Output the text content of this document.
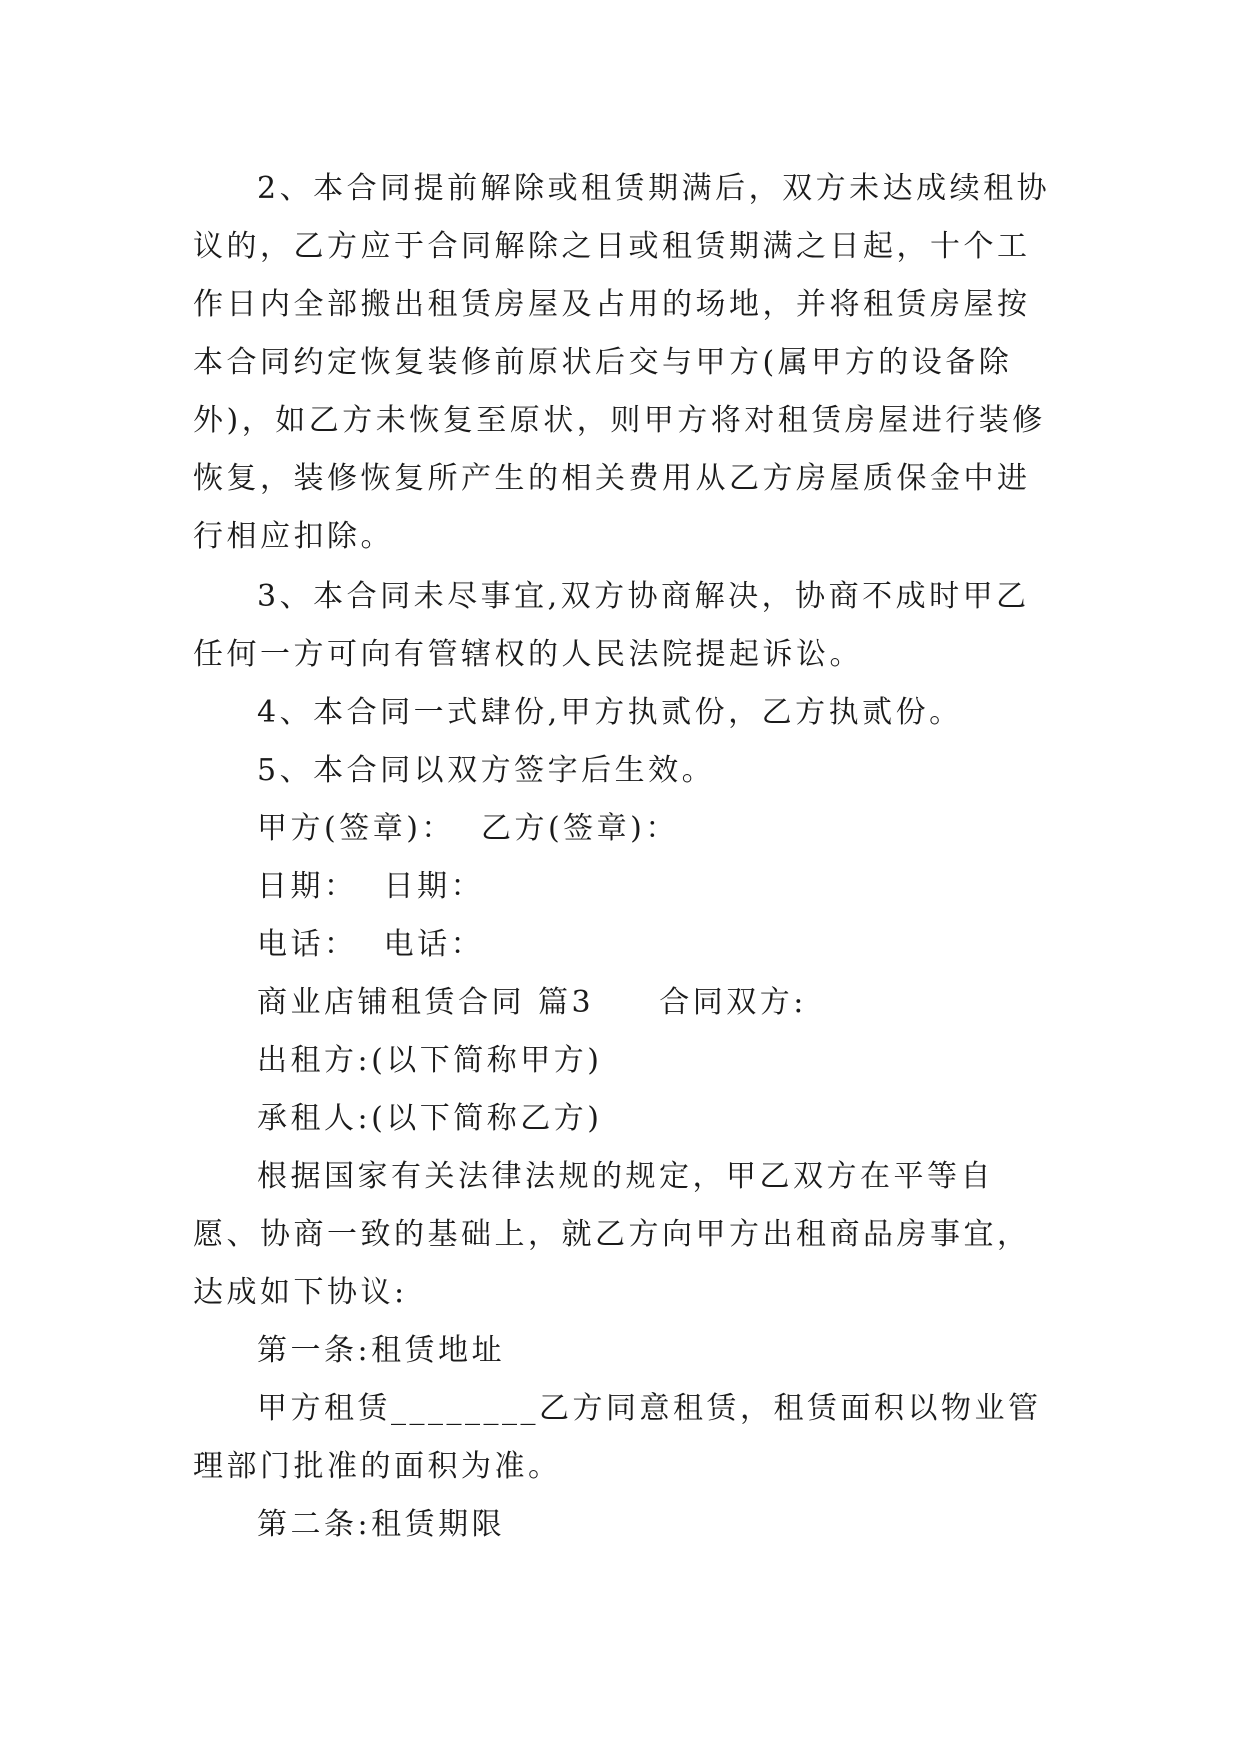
2、本合同提前解除或租赁期满后，双方未达成续租协议的，乙方应于合同解除之日或租赁期满之日起，十个工作日内全部搬出租赁房屋及占用的场地，并将租赁房屋按本合同约定恢复装修前原状后交与甲方(属甲方的设备除外)，如乙方未恢复至原状，则甲方将对租赁房屋进行装修恢复，装修恢复所产生的相关费用从乙方房屋质保金中进行相应扣除。

3、本合同未尽事宜,双方协商解决，协商不成时甲乙任何一方可向有管辖权的人民法院提起诉讼。

4、本合同一式肆份,甲方执贰份，乙方执贰份。

5、本合同以双方签字后生效。

甲方(签章)：  乙方(签章)：

日期：  日期：

电话：  电话：

商业店铺租赁合同 篇3     合同双方:

出租方:(以下简称甲方)

承租人:(以下简称乙方)

根据国家有关法律法规的规定，甲乙双方在平等自愿、协商一致的基础上，就乙方向甲方出租商品房事宜，达成如下协议:

第一条:租赁地址

甲方租赁________乙方同意租赁，租赁面积以物业管理部门批准的面积为准。

第二条:租赁期限
